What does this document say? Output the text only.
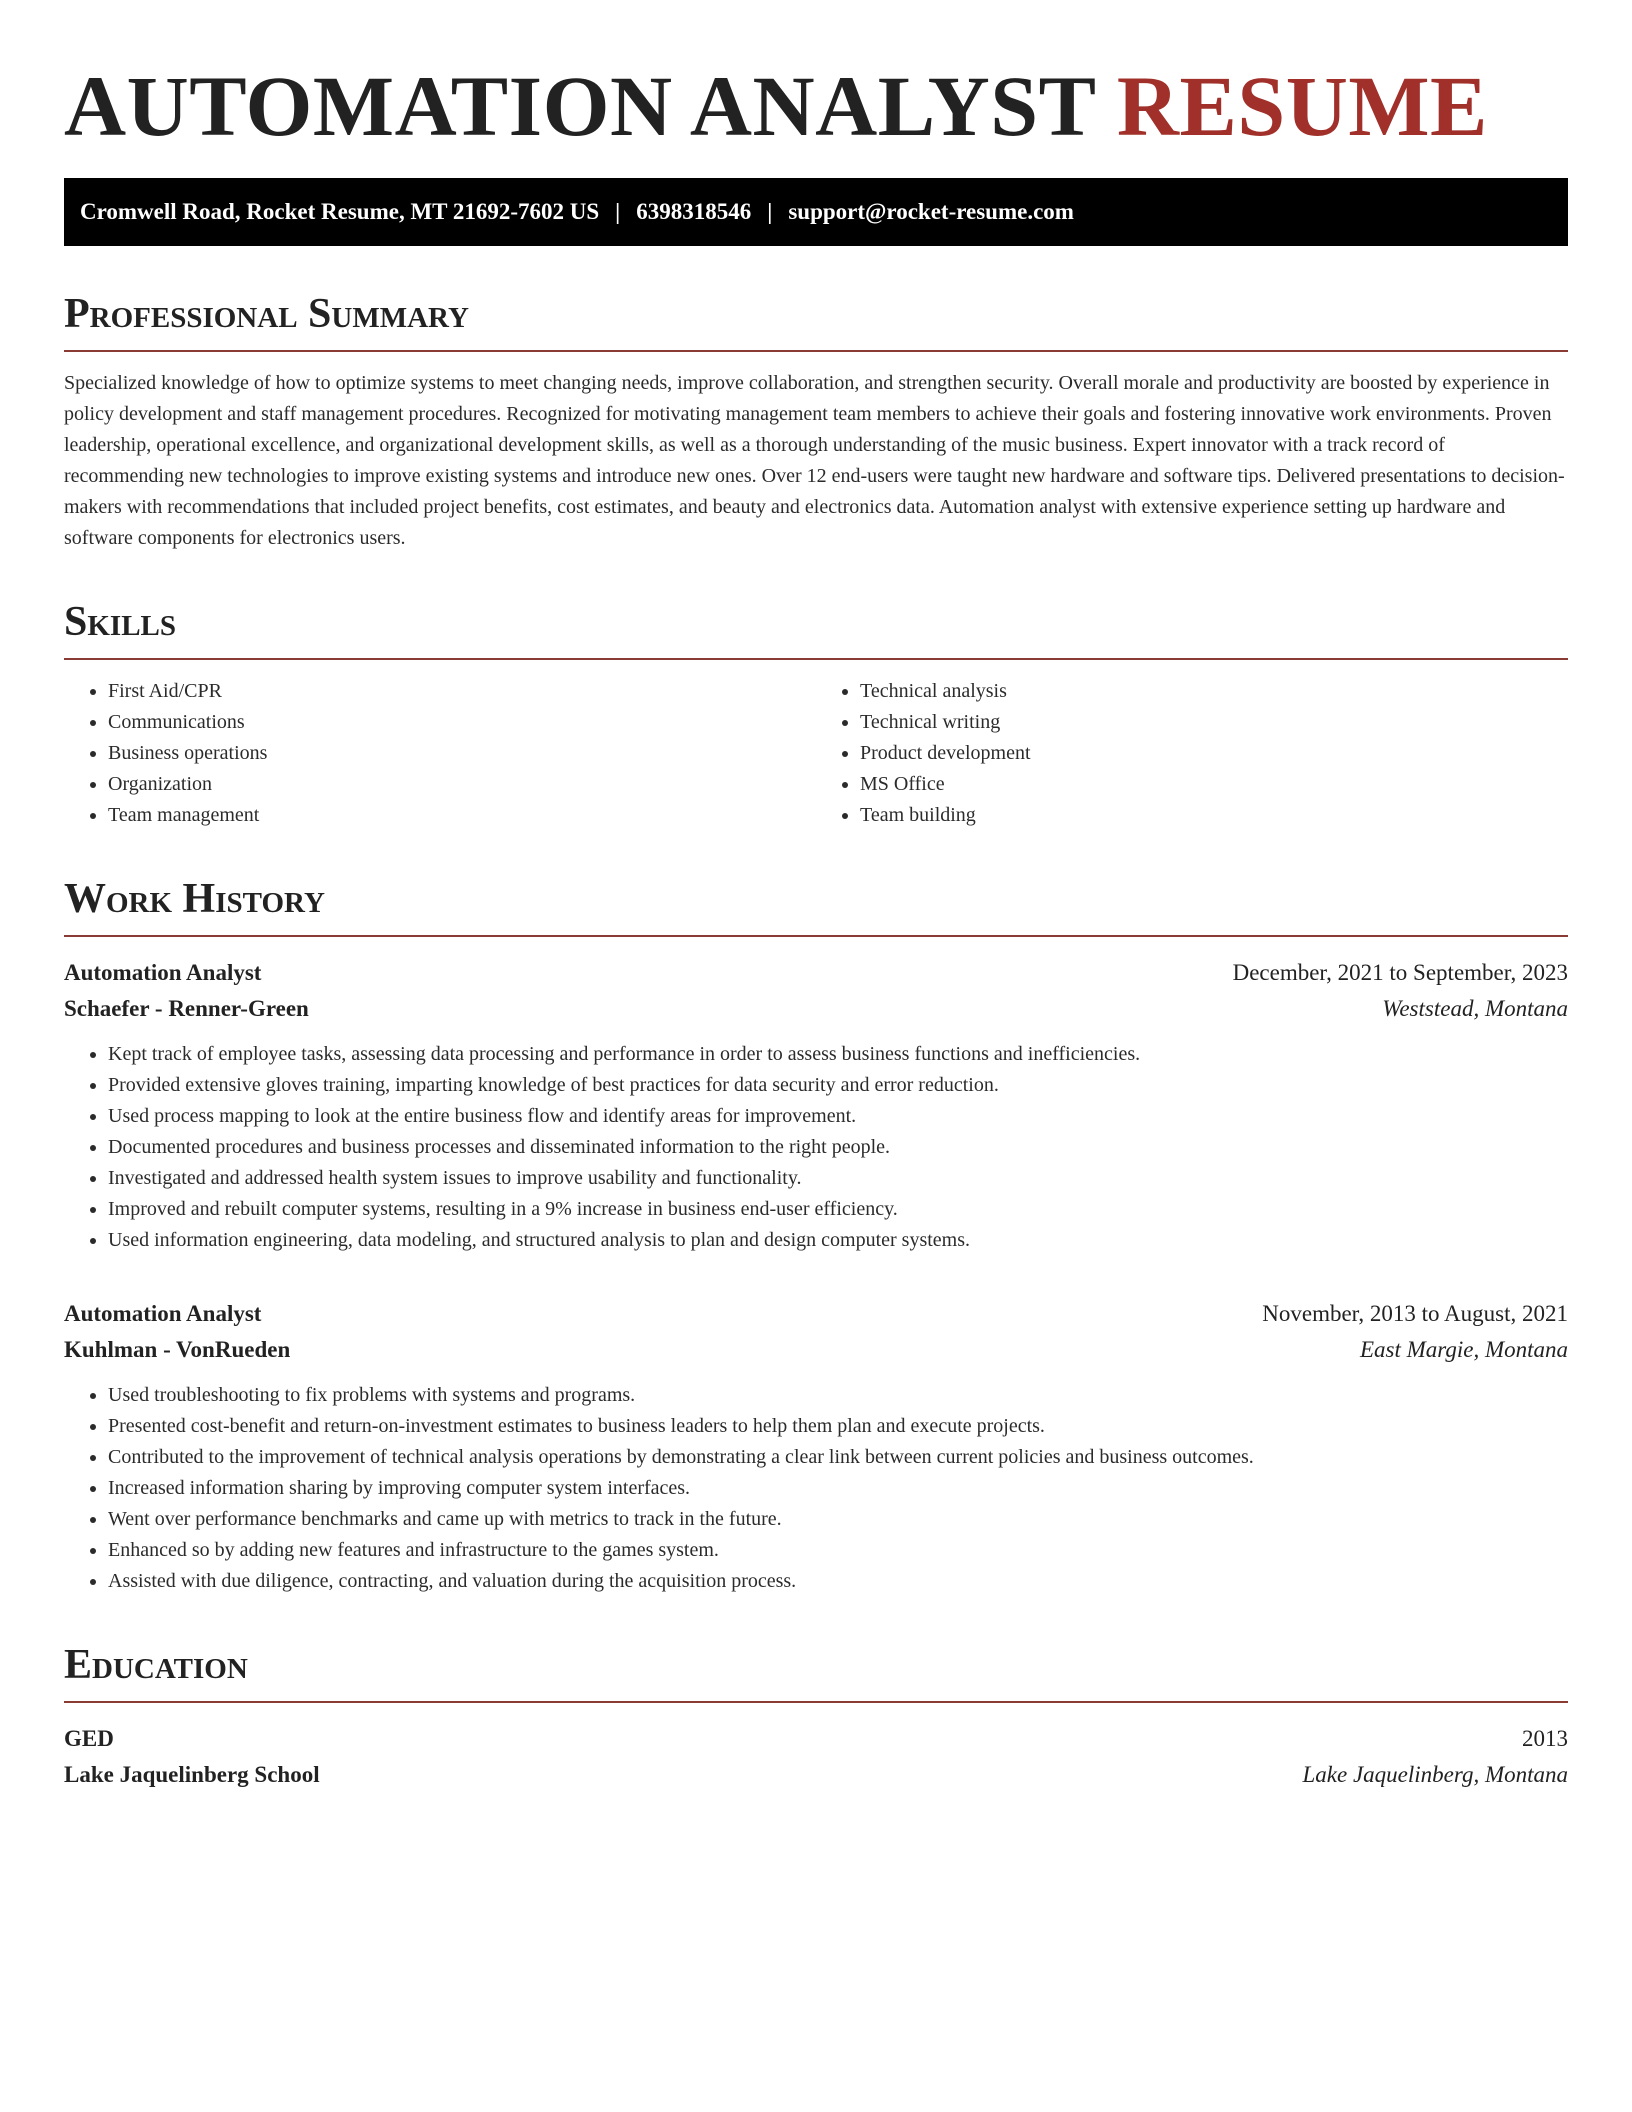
AUTOMATION ANALYST RESUME
Cromwell Road, Rocket Resume, MT 21692-7602 US | 6398318546 | support@rocket-resume.com
Professional Summary

Specialized knowledge of how to optimize systems to meet changing needs, improve collaboration, and strengthen security. Overall morale and productivity are boosted by experience in policy development and staff management procedures. Recognized for motivating management team members to achieve their goals and fostering innovative work environments. Proven leadership, operational excellence, and organizational development skills, as well as a thorough understanding of the music business. Expert innovator with a track record of recommending new technologies to improve existing systems and introduce new ones. Over 12 end-users were taught new hardware and software tips. Delivered presentations to decision-makers with recommendations that included project benefits, cost estimates, and beauty and electronics data. Automation analyst with extensive experience setting up hardware and software components for electronics users.

Skills
• First Aid/CPR
• Communications
• Business operations
• Organization
• Team management
• Technical analysis
• Technical writing
• Product development
• MS Office
• Team building
Work History
Automation Analyst	December, 2021 to September, 2023
Schaefer - Renner-Green	Weststead, Montana
• Kept track of employee tasks, assessing data processing and performance in order to assess business functions and inefficiencies.
• Provided extensive gloves training, imparting knowledge of best practices for data security and error reduction.
• Used process mapping to look at the entire business flow and identify areas for improvement.
• Documented procedures and business processes and disseminated information to the right people.
• Investigated and addressed health system issues to improve usability and functionality.
• Improved and rebuilt computer systems, resulting in a 9% increase in business end-user efficiency.
• Used information engineering, data modeling, and structured analysis to plan and design computer systems.
Automation Analyst	November, 2013 to August, 2021
Kuhlman - VonRueden	East Margie, Montana
• Used troubleshooting to fix problems with systems and programs.
• Presented cost-benefit and return-on-investment estimates to business leaders to help them plan and execute projects.
• Contributed to the improvement of technical analysis operations by demonstrating a clear link between current policies and business outcomes.
• Increased information sharing by improving computer system interfaces.
• Went over performance benchmarks and came up with metrics to track in the future.
• Enhanced so by adding new features and infrastructure to the games system.
• Assisted with due diligence, contracting, and valuation during the acquisition process.
Education
GED	2013
Lake Jaquelinberg School	Lake Jaquelinberg, Montana
